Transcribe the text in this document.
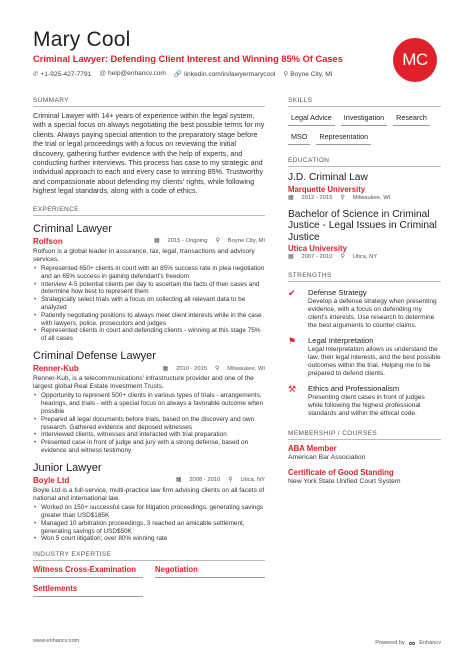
Mary Cool
Criminal Lawyer: Defending Client Interest and Winning 85% Of Cases
✆ +1-925-427-7791 @ help@enhancv.com 🔗 linkedin.com/in/lawyermarycool ⚲ Boyne City, MI
MC
SUMMARY
Criminal Lawyer with 14+ years of experience within the legal system, with a special focus on always negotiating the best possible terms for my clients. Always paying special attention to the preparatory stage before the trial or legal proceedings with a focus on reviewing the initial discovery, gathering further evidence with the help of experts, and conducting further interviews. This process has case to my strategic and individual approach to each and every case to winning 85%. Trustworthy and compassionate about defending my clients' rights, while following highest legal standards, along with a code of ethics.
EXPERIENCE
Criminal Lawyer
Rolfson	▦ 2015 - Ongoing ⚲ Boyne City, MI
Rolfson is a global leader in assurance, tax, legal, transactions and advisory services.
• Represented 650+ clients in court with an 85% success rate in plea negotiation and an 65% success in gaining defendant's freedom
• Interview 4-5 potential clients per day to ascertain the facts of their cases and determine how best to represent them
• Strategically select trials with a focus on collecting all relevant data to be analyzed
• Patiently negotiating positions to always meet client interests while in the case with lawyers, police, prosecutors and judges
• Represented clients in court and defending clients - winning at this stage 75% of all cases
Criminal Defense Lawyer
Renner-Kub	▦ 2010 - 2015 ⚲ Milwaukee, WI
Renner-Kub, is a telecommunications' infrastructure provider and one of the largest global Real Estate Investment Trusts.
• Opportunity to represent 500+ clients in various types of trials - arrangements, hearings, and trials - with a special focus on always a favorable outcome when possible
• Prepared all legal documents before trials, based on the discovery and own research. Gathered evidence and deposed witnesses
• Interviewed clients, witnesses and interacted with trial preparation
• Presented case in front of judge and jury with a strong defense, based on evidence and witness testimony
Junior Lawyer
Boyle Ltd	▦ 2008 - 2010 ⚲ Utica, NY
Boyle Ltd is a full-service, multi-practice law firm advising clients on all facets of national and international law.
• Worked on 150+ successful case for litigation proceedings, generating savings greater than USD$185K
• Managed 10 arbitration proceedings, 3 reached an amicable settlement, generating savings of USD$50K
• Won 5 court litigation; over 80% winning rate
INDUSTRY EXPERTISE
Witness Cross-Examination	Negotiation
Settlements
SKILLS
Legal Advice	Investigation	Research
MSO	Representation
EDUCATION
J.D. Criminal Law
Marquette University
▦ 2012 - 2015 ⚲ Milwaukee, WI
Bachelor of Science in Criminal Justice - Legal Issues in Criminal Justice
Utica University
▦ 2007 - 2010 ⚲ Utica, NY
STRENGTHS
✔	Defense Strategy
Develop a defense strategy when presenting evidence, with a focus on defending my client's interests. Use research to determine the best arguments to counter claims.
⚑	Legal Interpretation
Legal Interpretation allows us understand the law, their legal interests, and the best possible outcomes within the trial. Helping me to be prepared to defend clients.
⚒	Ethics and Professionalism
Presenting client cases in front of judges while following the highest professional standards and within the ethical code.
MEMBERSHIP / COURSES
ABA Member
American Bar Association
Certificate of Good Standing
New York State Unified Court System
www.enhancv.com	Powered by ∞ Enhancv
